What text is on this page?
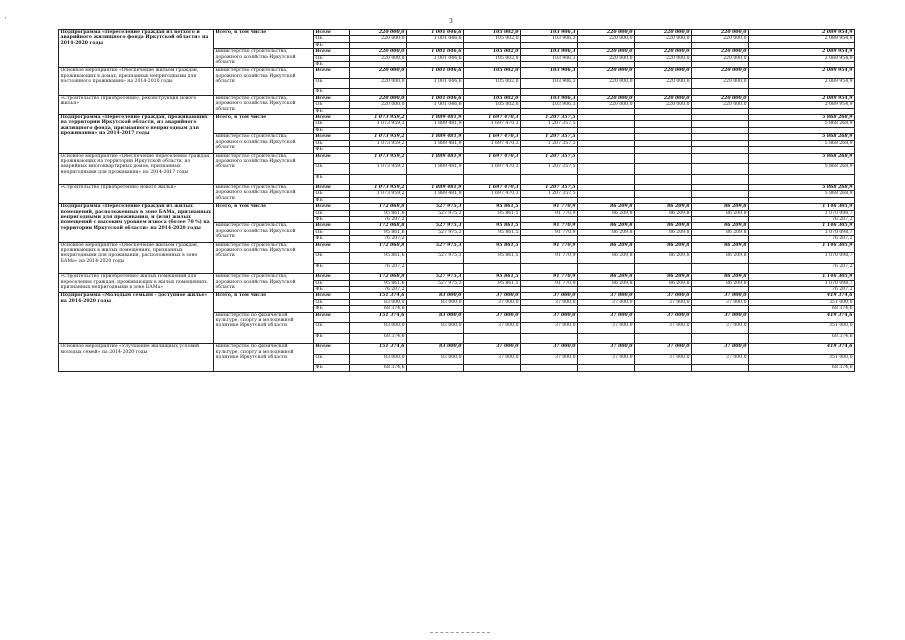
'	3
Подпрограмма «Переселение граждан из ветхого и аварийного жилищного фонда Иркутской области» на 2014-2020 годы	Всего, в том числе	Всего	220 000,0	1 001 046,6	105 002,0	103 906,3	220 000,0	220 000,0	220 000,0	2 089 954,9
		ОБ	220 000,0	1 001 046,6	105 002,0	103 906,3	220 000,0	220 000,0	220 000,0	2 089 954,9
		ФБ								
	министерство строительства, дорожного хозяйства Иркутской области	Всего	220 000,0	1 001 046,6	105 002,0	103 906,3	220 000,0	220 000,0	220 000,0	2 089 954,9
		ОБ	220 000,0	1 001 046,6	105 002,0	103 906,3	220 000,0	220 000,0	220 000,0	2 089 954,9
		ФБ								
Основное мероприятие «Обеспечение жильем граждан, проживающих в домах, признанных непригодными для постоянного проживания» на 2014-2020 годы	министерство строительства, дорожного хозяйства Иркутской области	Всего	220 000,0	1 001 046,6	105 002,0	103 906,3	220 000,0	220 000,0	220 000,0	2 089 954,9
		ОБ	220 000,0	1 001 046,6	105 002,0	103 906,3	220 000,0	220 000,0	220 000,0	2 089 954,9
		ФБ								
«Строительство (приобретение), реконструкция нового жилья»	министерство строительства, дорожного хозяйства Иркутской области	Всего	220 000,0	1 001 046,6	105 002,0	103 906,3	220 000,0	220 000,0	220 000,0	2 089 954,9
		ОБ	220 000,0	1 001 046,6	105 002,0	103 906,3	220 000,0	220 000,0	220 000,0	2 089 954,9
		ФБ								
Подпрограмма «Переселение граждан, проживающих на территории Иркутской области, из аварийного жилищного фонда, признанного непригодным для проживания» на 2014-2017 годы	Всего, в том числе	Всего	1 073 959,2	1 889 481,9	1 697 470,3	1 207 357,5				5 868 268,9
		ОБ	1 073 959,2	1 889 481,9	1 697 470,3	1 207 357,5				5 868 268,9
		ФБ								
	министерство строительства, дорожного хозяйства Иркутской области	Всего	1 073 959,2	1 889 481,9	1 697 470,3	1 207 357,5				5 868 268,9
		ОБ	1 073 959,2	1 889 481,9	1 697 470,3	1 207 357,5				5 868 268,9
		ФБ								
Основное мероприятие «Обеспечение переселения граждан, проживающих на территории Иркутской области, из аварийных многоквартирных домов, признанных непригодными для проживания» на 2014-2017 годы	министерство строительства, дорожного хозяйства Иркутской области	Всего	1 073 959,2	1 889 481,9	1 697 470,3	1 207 357,5				5 868 268,9
		ОБ	1 073 959,2	1 889 481,9	1 697 470,3	1 207 357,5				5 868 268,9
		ФБ								
«Строительство (приобретение) нового жилья»	министерство строительства, дорожного хозяйства Иркутской области	Всего	1 073 959,2	1 889 481,9	1 697 470,3	1 207 357,5				5 868 268,9
		ОБ	1 073 959,2	1 889 481,9	1 697 470,3	1 207 357,5				5 868 268,9
		ФБ								
Подпрограмма «Переселение граждан из жилых помещений, расположенных в зоне БАМа, признанных непригодными для проживания, и (или) жилых помещений с высоким уровнем износа (более 70 %) на территории Иркутской области» на 2014-2020 годы	Всего, в том числе	Всего	172 068,8	527 975,3	95 861,5	91 770,9	86 209,8	86 209,8	86 209,8	1 146 305,9
		ОБ	95 861,6	527 975,3	95 861,5	91 770,9	86 209,8	86 209,8	86 209,8	1 070 098,7
		ФБ	76 207,2							76 207,2
	министерство строительства, дорожного хозяйства Иркутской области	Всего	172 068,8	527 975,3	95 861,5	91 770,9	86 209,8	86 209,8	86 209,8	1 146 305,9
		ОБ	95 861,6	527 975,3	95 861,5	91 770,9	86 209,8	86 209,8	86 209,8	1 070 098,7
		ФБ	76 207,2							76 207,2
Основное мероприятие «Обеспечение жильем граждан, проживающих в жилых помещениях, признанных непригодными для проживания, расположенных в зоне БАМа» на 2014-2020 годы	министерство строительства, дорожного хозяйства Иркутской области	Всего	172 068,8	527 975,3	95 861,5	91 770,9	86 209,8	86 209,8	86 209,8	1 146 305,9
		ОБ	95 861,6	527 975,3	95 861,5	91 770,9	86 209,8	86 209,8	86 209,8	1 070 098,7
		ФБ	76 207,2							76 207,2
«Строительство (приобретение) жилых помещений для переселения граждан, проживающих в жилых помещениях, признанных непригодными в зоне БАМа»	министерство строительства, дорожного хозяйства Иркутской области	Всего	172 068,8	527 975,3	95 861,5	91 770,9	86 209,8	86 209,8	86 209,8	1 146 305,9
		ОБ	95 861,6	527 975,3	95 861,5	91 770,9	86 209,8	86 209,8	86 209,8	1 070 098,7
		ФБ	76 207,2							76 207,2
Подпрограмма «Молодым семьям - доступное жилье» на 2014-2020 годы	Всего, в том числе	Всего	151 374,6	83 000,0	37 000,0	37 000,0	37 000,0	37 000,0	37 000,0	419 374,6
		ОБ	83 000,0	83 000,0	37 000,0	37 000,0	37 000,0	37 000,0	37 000,0	351 000,0
		ФБ	68 374,6							68 374,6
	министерство по физической культуре, спорту и молодежной политике Иркутской области	Всего	151 374,6	83 000,0	37 000,0	37 000,0	37 000,0	37 000,0	37 000,0	419 374,6
		ОБ	83 000,0	83 000,0	37 000,0	37 000,0	37 000,0	37 000,0	37 000,0	351 000,0
		ФБ	68 374,6							68 374,6
Основное мероприятие «Улучшение жилищных условий молодых семей» на 2014-2020 годы	министерство по физической культуре, спорту и молодежной политике Иркутской области	Всего	151 374,6	83 000,0	37 000,0	37 000,0	37 000,0	37 000,0	37 000,0	419 374,6
		ОБ	83 000,0	83 000,0	37 000,0	37 000,0	37 000,0	37 000,0	37 000,0	351 000,0
		ФБ	68 374,6							68 374,6
